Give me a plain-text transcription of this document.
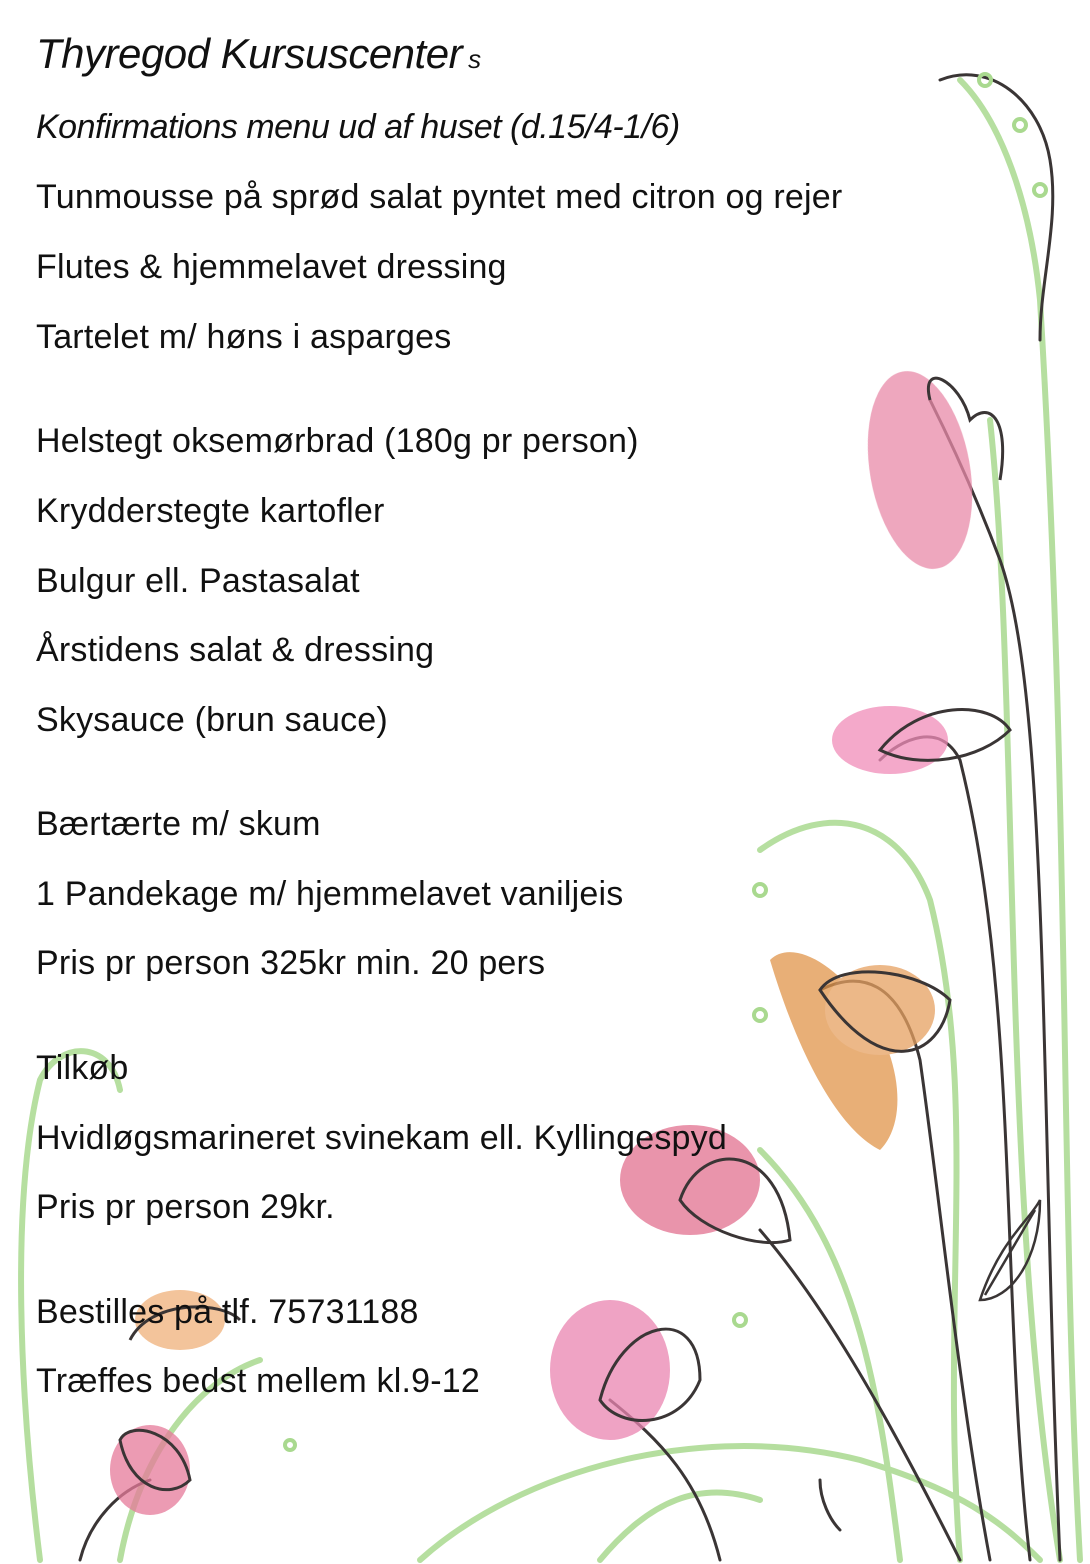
Thyregod Kursuscenter s
Konfirmations menu ud af huset (d.15/4-1/6)
Tunmousse på sprød salat pyntet med citron og rejer
Flutes & hjemmelavet dressing
Tartelet m/ høns i asparges
Helstegt oksemørbrad (180g pr person)
Krydderstegte kartofler
Bulgur ell. Pastasalat
Årstidens salat & dressing
Skysauce (brun sauce)
Bærtærte m/ skum
1 Pandekage m/ hjemmelavet vaniljeis
Pris pr person 325kr min. 20 pers
Tilkøb
Hvidløgsmarineret svinekam ell. Kyllingespyd
Pris pr person 29kr.
Bestilles på tlf. 75731188
Træffes bedst mellem kl.9-12
